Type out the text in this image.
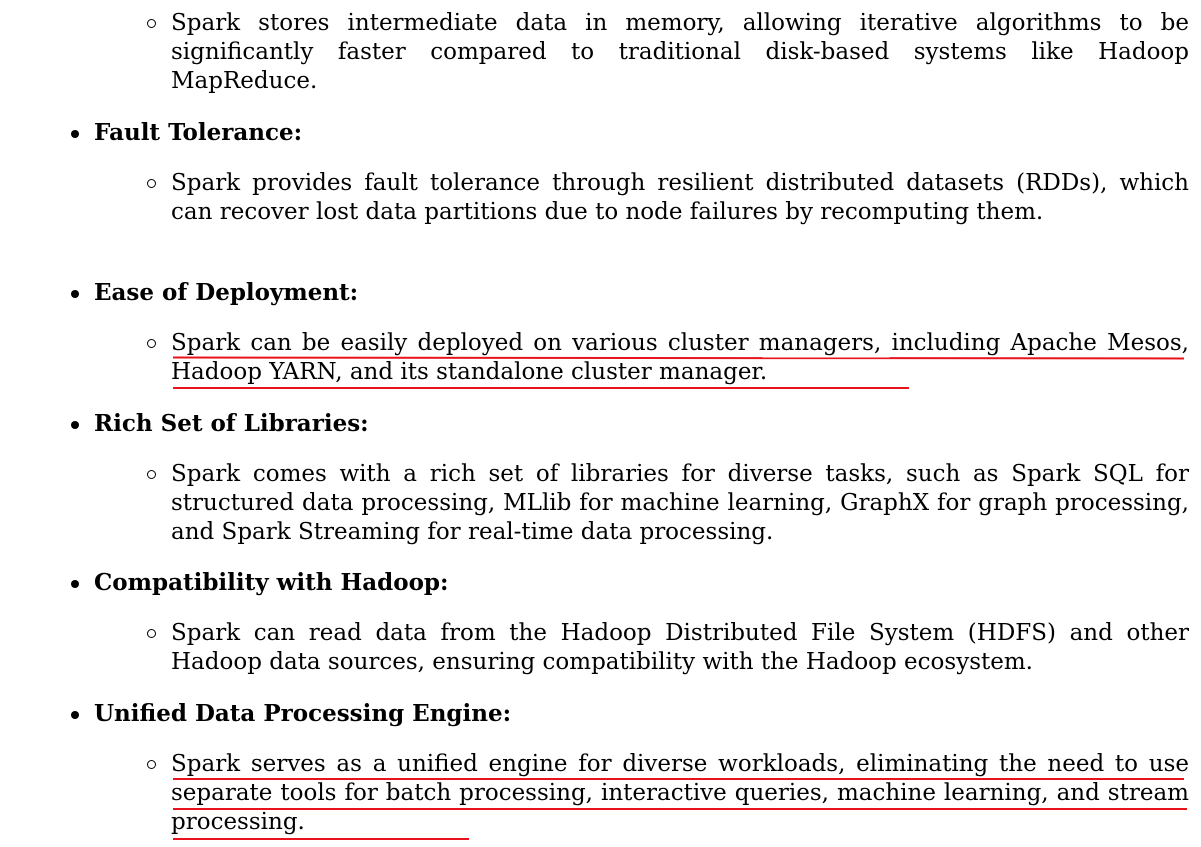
Spark stores intermediate data in memory, allowing iterative algorithms to be significantly faster compared to traditional disk-based systems like Hadoop MapReduce.

Fault Tolerance:

Spark provides fault tolerance through resilient distributed datasets (RDDs), which can recover lost data partitions due to node failures by recomputing them.

Ease of Deployment:

Spark can be easily deployed on various cluster managers, including Apache Mesos, Hadoop YARN, and its standalone cluster manager.

Rich Set of Libraries:

Spark comes with a rich set of libraries for diverse tasks, such as Spark SQL for structured data processing, MLlib for machine learning, GraphX for graph processing, and Spark Streaming for real-time data processing.

Compatibility with Hadoop:

Spark can read data from the Hadoop Distributed File System (HDFS) and other Hadoop data sources, ensuring compatibility with the Hadoop ecosystem.

Unified Data Processing Engine:

Spark serves as a unified engine for diverse workloads, eliminating the need to use separate tools for batch processing, interactive queries, machine learning, and stream processing.
